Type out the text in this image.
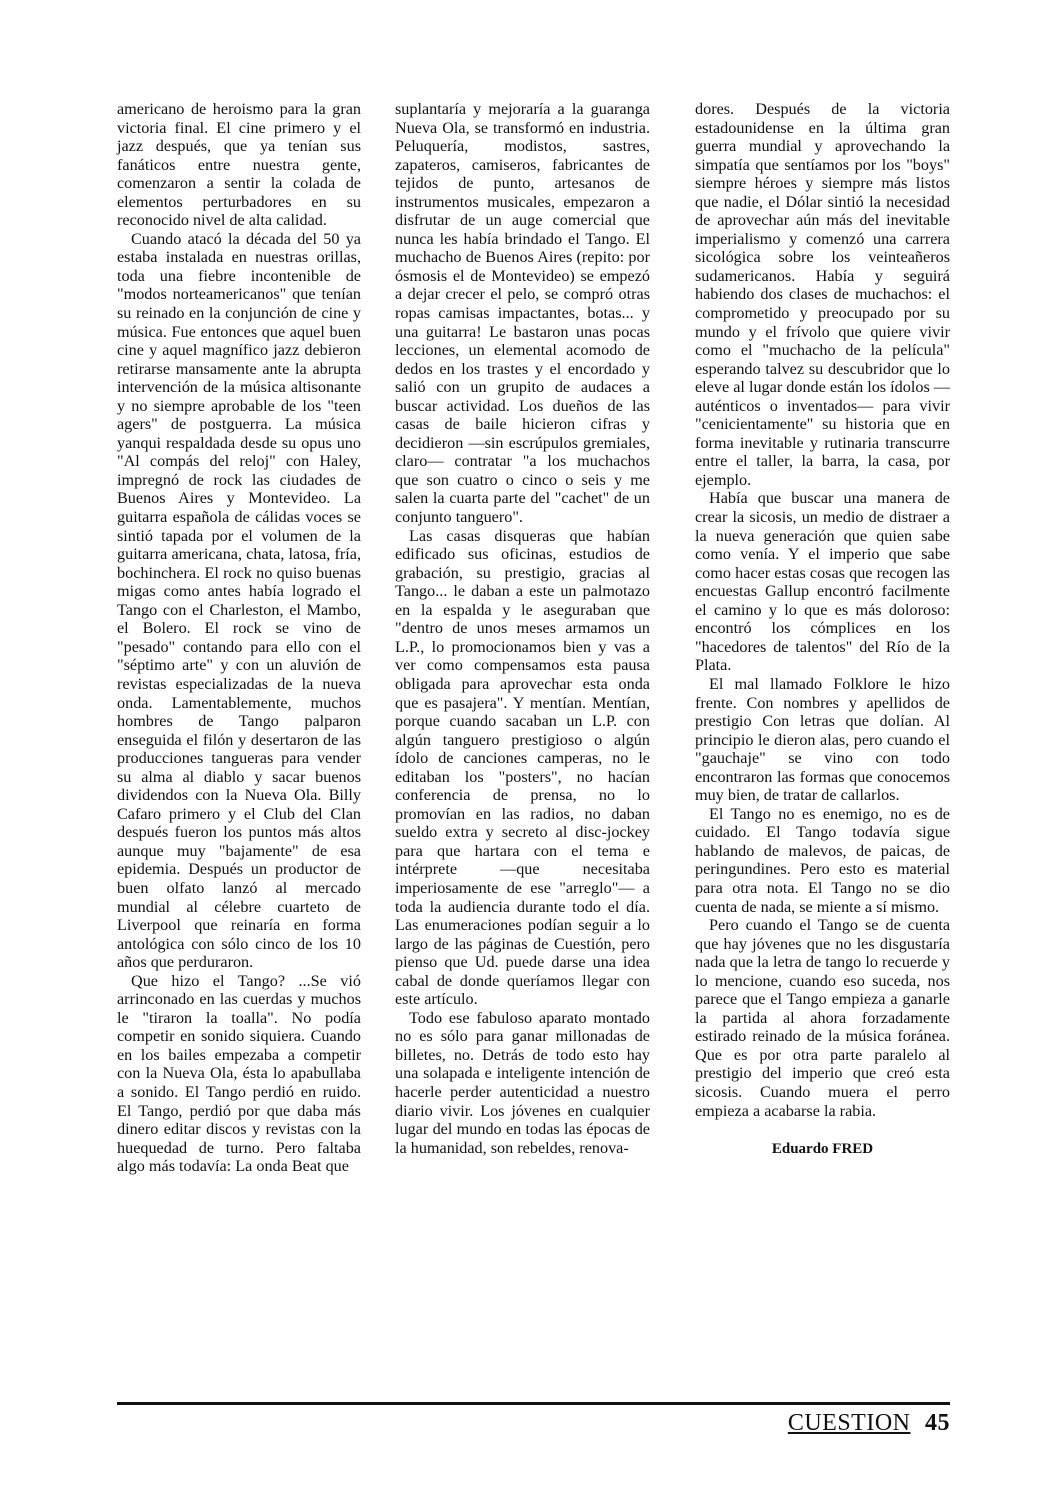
americano de heroismo para la gran victoria final. El cine primero y el jazz después, que ya tenían sus fanáticos entre nuestra gente, comenzaron a sentir la colada de elementos perturbadores en su reconocido nivel de alta calidad.

Cuando atacó la década del 50 ya estaba instalada en nuestras orillas, toda una fiebre incontenible de "modos norteamericanos" que tenían su reinado en la conjunción de cine y música. Fue entonces que aquel buen cine y aquel magnífico jazz debieron retirarse mansamente ante la abrupta intervención de la música altisonante y no siempre aprobable de los "teen agers" de postguerra. La música yanqui respaldada desde su opus uno "Al compás del reloj" con Haley, impregnó de rock las ciudades de Buenos Aires y Montevideo. La guitarra española de cálidas voces se sintió tapada por el volumen de la guitarra americana, chata, latosa, fría, bochinchera. El rock no quiso buenas migas como antes había logrado el Tango con el Charleston, el Mambo, el Bolero. El rock se vino de "pesado" contando para ello con el "séptimo arte" y con un aluvión de revistas especializadas de la nueva onda. Lamentablemente, muchos hombres de Tango palparon enseguida el filón y desertaron de las producciones tangueras para vender su alma al diablo y sacar buenos dividendos con la Nueva Ola. Billy Cafaro primero y el Club del Clan después fueron los puntos más altos aunque muy "bajamente" de esa epidemia. Después un productor de buen olfato lanzó al mercado mundial al célebre cuarteto de Liverpool que reinaría en forma antológica con sólo cinco de los 10 años que perduraron.

Que hizo el Tango? ...Se vió arrinconado en las cuerdas y muchos le "tiraron la toalla". No podía competir en sonido siquiera. Cuando en los bailes empezaba a competir con la Nueva Ola, ésta lo apabullaba a sonido. El Tango perdió en ruido. El Tango, perdió por que daba más dinero editar discos y revistas con la huequedad de turno. Pero faltaba algo más todavía: La onda Beat que

suplantaría y mejoraría a la guaranga Nueva Ola, se transformó en industria. Peluquería, modistos, sastres, zapateros, camiseros, fabricantes de tejidos de punto, artesanos de instrumentos musicales, empezaron a disfrutar de un auge comercial que nunca les había brindado el Tango. El muchacho de Buenos Aires (repito: por ósmosis el de Montevideo) se empezó a dejar crecer el pelo, se compró otras ropas camisas impactantes, botas... y una guitarra! Le bastaron unas pocas lecciones, un elemental acomodo de dedos en los trastes y el encordado y salió con un grupito de audaces a buscar actividad. Los dueños de las casas de baile hicieron cifras y decidieron —sin escrúpulos gremiales, claro— contratar "a los muchachos que son cuatro o cinco o seis y me salen la cuarta parte del "cachet" de un conjunto tanguero".

Las casas disqueras que habían edificado sus oficinas, estudios de grabación, su prestigio, gracias al Tango... le daban a este un palmotazo en la espalda y le aseguraban que "dentro de unos meses armamos un L.P., lo promocionamos bien y vas a ver como compensamos esta pausa obligada para aprovechar esta onda que es pasajera". Y mentían. Mentían, porque cuando sacaban un L.P. con algún tanguero prestigioso o algún ídolo de canciones camperas, no le editaban los "posters", no hacían conferencia de prensa, no lo promovían en las radios, no daban sueldo extra y secreto al disc-jockey para que hartara con el tema e intérprete —que necesitaba imperiosamente de ese "arreglo"— a toda la audiencia durante todo el día. Las enumeraciones podían seguir a lo largo de las páginas de Cuestión, pero pienso que Ud. puede darse una idea cabal de donde queríamos llegar con este artículo.

Todo ese fabuloso aparato montado no es sólo para ganar millonadas de billetes, no. Detrás de todo esto hay una solapada e inteligente intención de hacerle perder autenticidad a nuestro diario vivir. Los jóvenes en cualquier lugar del mundo en todas las épocas de la humanidad, son rebeldes, renova-

dores. Después de la victoria estadounidense en la última gran guerra mundial y aprovechando la simpatía que sentíamos por los "boys" siempre héroes y siempre más listos que nadie, el Dólar sintió la necesidad de aprovechar aún más del inevitable imperialismo y comenzó una carrera sicológica sobre los veinteañeros sudamericanos. Había y seguirá habiendo dos clases de muchachos: el comprometido y preocupado por su mundo y el frívolo que quiere vivir como el "muchacho de la película" esperando talvez su descubridor que lo eleve al lugar donde están los ídolos —auténticos o inventados— para vivir "cenicientamente" su historia que en forma inevitable y rutinaria transcurre entre el taller, la barra, la casa, por ejemplo.

Había que buscar una manera de crear la sicosis, un medio de distraer a la nueva generación que quien sabe como venía. Y el imperio que sabe como hacer estas cosas que recogen las encuestas Gallup encontró facilmente el camino y lo que es más doloroso: encontró los cómplices en los "hacedores de talentos" del Río de la Plata.

El mal llamado Folklore le hizo frente. Con nombres y apellidos de prestigio Con letras que dolían. Al principio le dieron alas, pero cuando el "gauchaje" se vino con todo encontraron las formas que conocemos muy bien, de tratar de callarlos.

El Tango no es enemigo, no es de cuidado. El Tango todavía sigue hablando de malevos, de paicas, de peringundines. Pero esto es material para otra nota. El Tango no se dio cuenta de nada, se miente a sí mismo.

Pero cuando el Tango se de cuenta que hay jóvenes que no les disgustaría nada que la letra de tango lo recuerde y lo mencione, cuando eso suceda, nos parece que el Tango empieza a ganarle la partida al ahora forzadamente estirado reinado de la música foránea. Que es por otra parte paralelo al prestigio del imperio que creó esta sicosis. Cuando muera el perro empieza a acabarse la rabia.

Eduardo FRED

CUESTION 45
